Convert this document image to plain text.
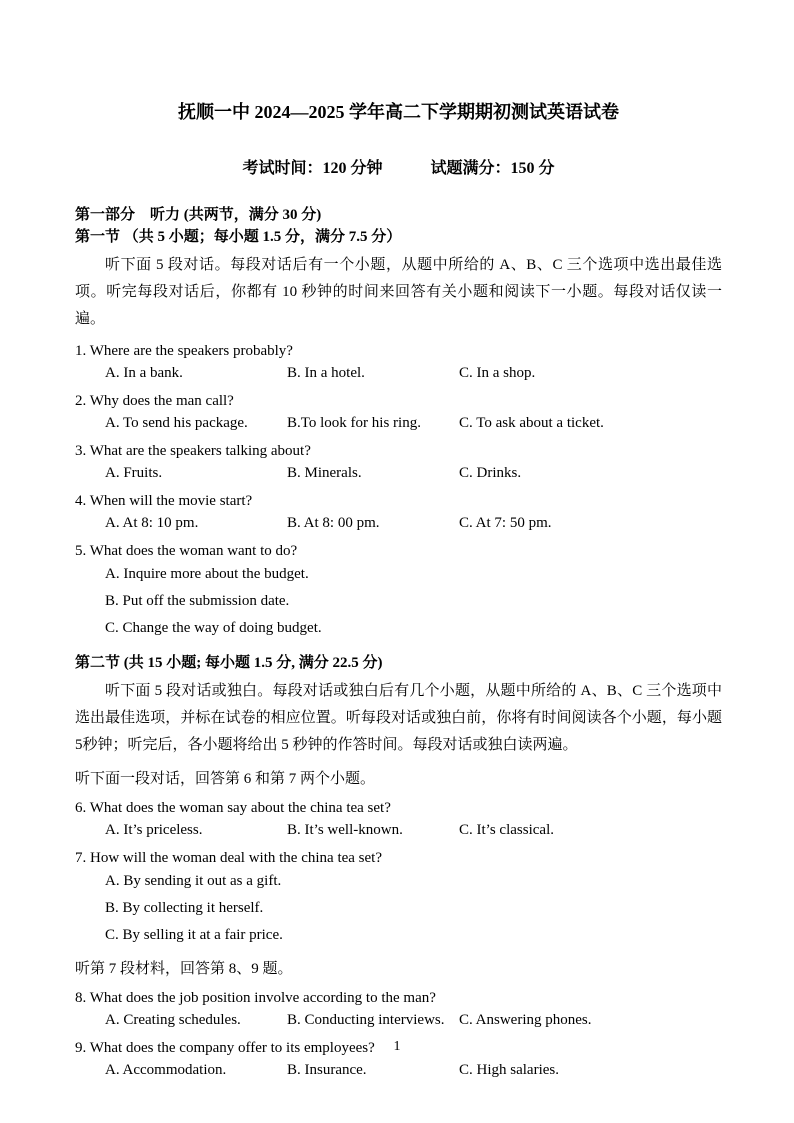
抚顺一中 2024—2025 学年高二下学期期初测试英语试卷
考试时间：120 分钟	试题满分：150 分
第一部分　听力 (共两节，满分 30 分)
第一节 （共 5 小题；每小题 1.5 分，满分 7.5 分）

听下面 5 段对话。每段对话后有一个小题，从题中所给的 A、B、C 三个选项中选出最佳选项。听完每段对话后，你都有 10 秒钟的时间来回答有关小题和阅读下一小题。每段对话仅读一遍。

1. Where are the speakers probably?
A. In a bank.	B. In a hotel.	C. In a shop.
2. Why does the man call?
A. To send his package.	B.To look for his ring.	C. To ask about a ticket.
3. What are the speakers talking about?
A. Fruits.	B. Minerals.	C. Drinks.
4. When will the movie start?
A. At 8: 10 pm.	B. At 8: 00 pm.	C. At 7: 50 pm.
5. What does the woman want to do?
A. Inquire more about the budget.
B. Put off the submission date.
C. Change the way of doing budget.
第二节 (共 15 小题; 每小题 1.5 分, 满分 22.5 分)

听下面 5 段对话或独白。每段对话或独白后有几个小题，从题中所给的 A、B、C 三个选项中选出最佳选项，并标在试卷的相应位置。听每段对话或独白前，你将有时间阅读各个小题，每小题 5秒钟；听完后，各小题将给出 5 秒钟的作答时间。每段对话或独白读两遍。

听下面一段对话，回答第 6 和第 7 两个小题。

6. What does the woman say about the china tea set?
A. It’s priceless.	B. It’s well-known.	C. It’s classical.
7. How will the woman deal with the china tea set?
A. By sending it out as a gift.
B. By collecting it herself.
C. By selling it at a fair price.

听第 7 段材料，回答第 8、9 题。

8. What does the job position involve according to the man?
A. Creating schedules.	B. Conducting interviews. C. Answering phones.
9. What does the company offer to its employees?
A. Accommodation.	B. Insurance.	C. High salaries.
1
